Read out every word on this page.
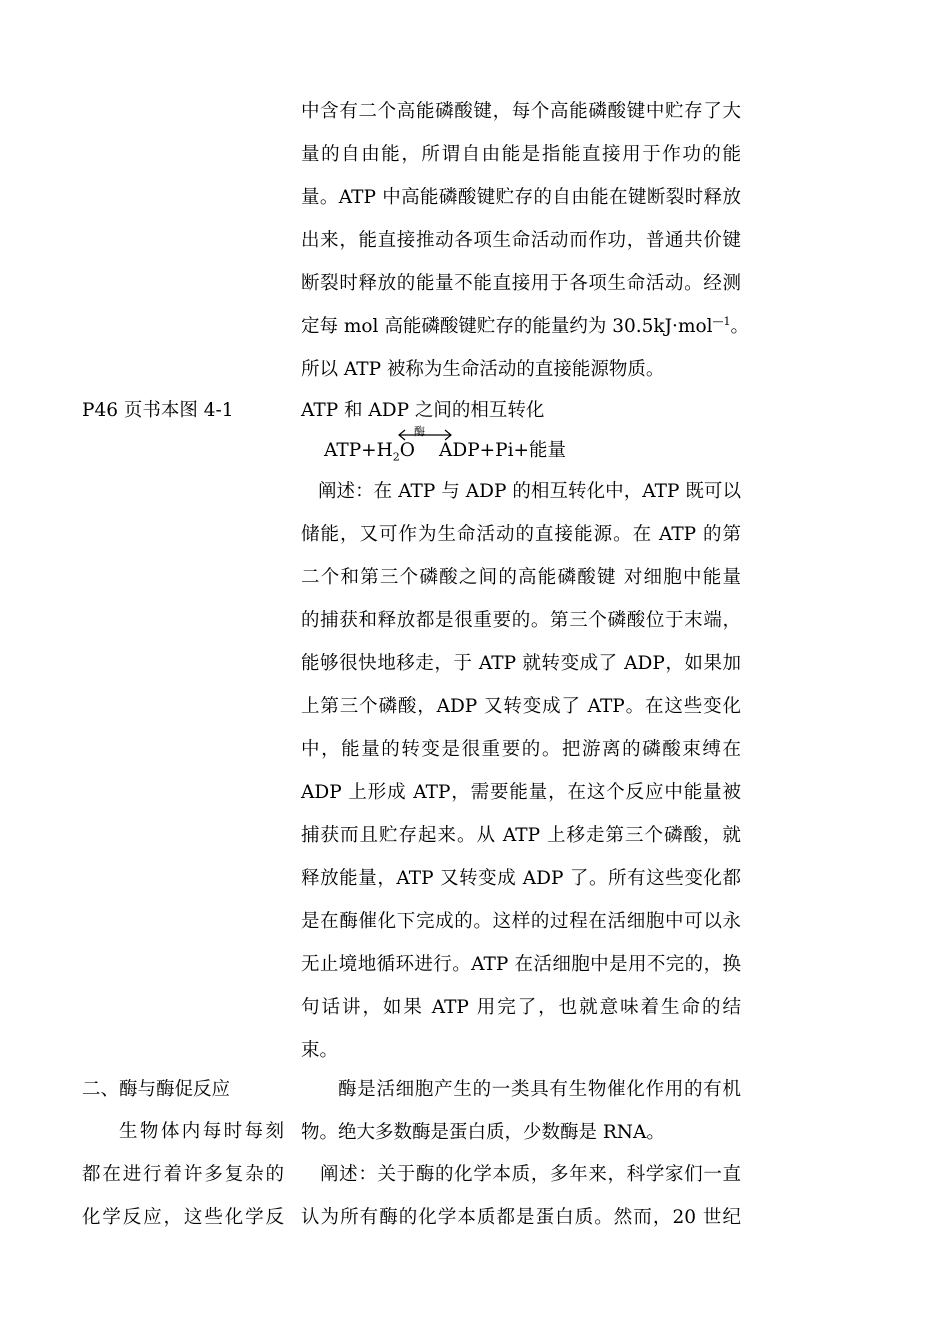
中含有二个高能磷酸键，每个高能磷酸键中贮存了大
量的自由能，所谓自由能是指能直接用于作功的能
量。ATP 中高能磷酸键贮存的自由能在键断裂时释放
出来，能直接推动各项生命活动而作功，普通共价键
断裂时释放的能量不能直接用于各项生命活动。经测
定每 mol 高能磷酸键贮存的能量约为 30.5kJ·mol$^{—1}$。
所以 ATP 被称为生命活动的直接能源物质。
P46 页书本图 4-1	ATP 和 ADP 之间的相互转化
$ATP+H_2O$
酶
ADP+Pi+能量
阐述：在 ATP 与 ADP 的相互转化中，ATP 既可以
储能，又可作为生命活动的直接能源。在 ATP 的第
二个和第三个磷酸之间的高能磷酸键 对细胞中能量
的捕获和释放都是很重要的。第三个磷酸位于末端，
能够很快地移走，于 ATP 就转变成了 ADP，如果加
上第三个磷酸，ADP 又转变成了 ATP。在这些变化
中，能量的转变是很重要的。把游离的磷酸束缚在
ADP 上形成 ATP，需要能量，在这个反应中能量被
捕获而且贮存起来。从 ATP 上移走第三个磷酸，就
释放能量，ATP 又转变成 ADP 了。所有这些变化都
是在酶催化下完成的。这样的过程在活细胞中可以永
无止境地循环进行。ATP 在活细胞中是用不完的，换
句话讲，如果 ATP 用完了，也就意味着生命的结
束。
二、酶与酶促反应
生物体内每时每刻
都在进行着许多复杂的
化学反应，这些化学反
酶是活细胞产生的一类具有生物催化作用的有机
物。绝大多数酶是蛋白质，少数酶是 RNA。
阐述：关于酶的化学本质，多年来，科学家们一直
认为所有酶的化学本质都是蛋白质。然而，20 世纪
